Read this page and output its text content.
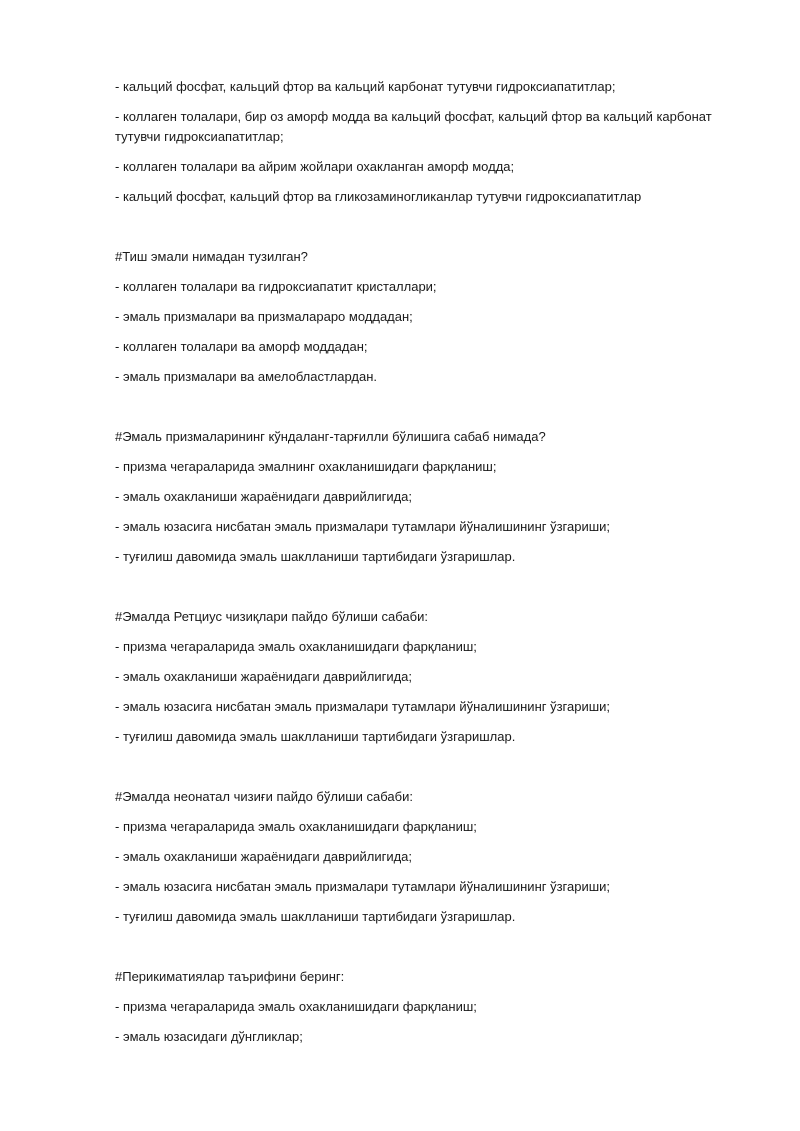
- кальций фосфат, кальций фтор ва кальций карбонат тутувчи гидроксиапатитлар;

- коллаген толалари, бир оз аморф модда ва кальций фосфат, кальций фтор ва кальций карбонат тутувчи гидроксиапатитлар;

- коллаген толалари ва айрим жойлари охакланган аморф модда;

- кальций фосфат, кальций фтор ва гликозаминогликанлар тутувчи гидроксиапатитлар

#Тиш эмали нимадан тузилган?

- коллаген толалари ва гидроксиапатит кристаллари;

- эмаль призмалари ва призмалараро моддадан;

- коллаген толалари ва аморф моддадан;

- эмаль призмалари ва амелобластлардан.

#Эмаль призмаларининг кўндаланг-тарғилли бўлишига сабаб нимада?

- призма чегараларида эмалнинг охакланишидаги фарқланиш;

- эмаль охакланиши жараёнидаги даврийлигида;

- эмаль юзасига нисбатан эмаль призмалари тутамлари йўналишининг ўзгариши;

- туғилиш давомида эмаль шаклланиши тартибидаги ўзгаришлар.

#Эмалда Ретциус чизиқлари пайдо бўлиши сабаби:

- призма чегараларида эмаль охакланишидаги фарқланиш;

- эмаль охакланиши жараёнидаги даврийлигида;

- эмаль юзасига нисбатан эмаль призмалари тутамлари йўналишининг ўзгариши;

- туғилиш давомида эмаль шаклланиши тартибидаги ўзгаришлар.

#Эмалда неонатал чизиғи пайдо бўлиши сабаби:

- призма чегараларида эмаль охакланишидаги фарқланиш;

- эмаль охакланиши жараёнидаги даврийлигида;

- эмаль юзасига нисбатан эмаль призмалари тутамлари йўналишининг ўзгариши;

- туғилиш давомида эмаль шаклланиши тартибидаги ўзгаришлар.

#Перикиматиялар таърифини беринг:

- призма чегараларида эмаль охакланишидаги фарқланиш;

- эмаль юзасидаги дўнгликлар;
